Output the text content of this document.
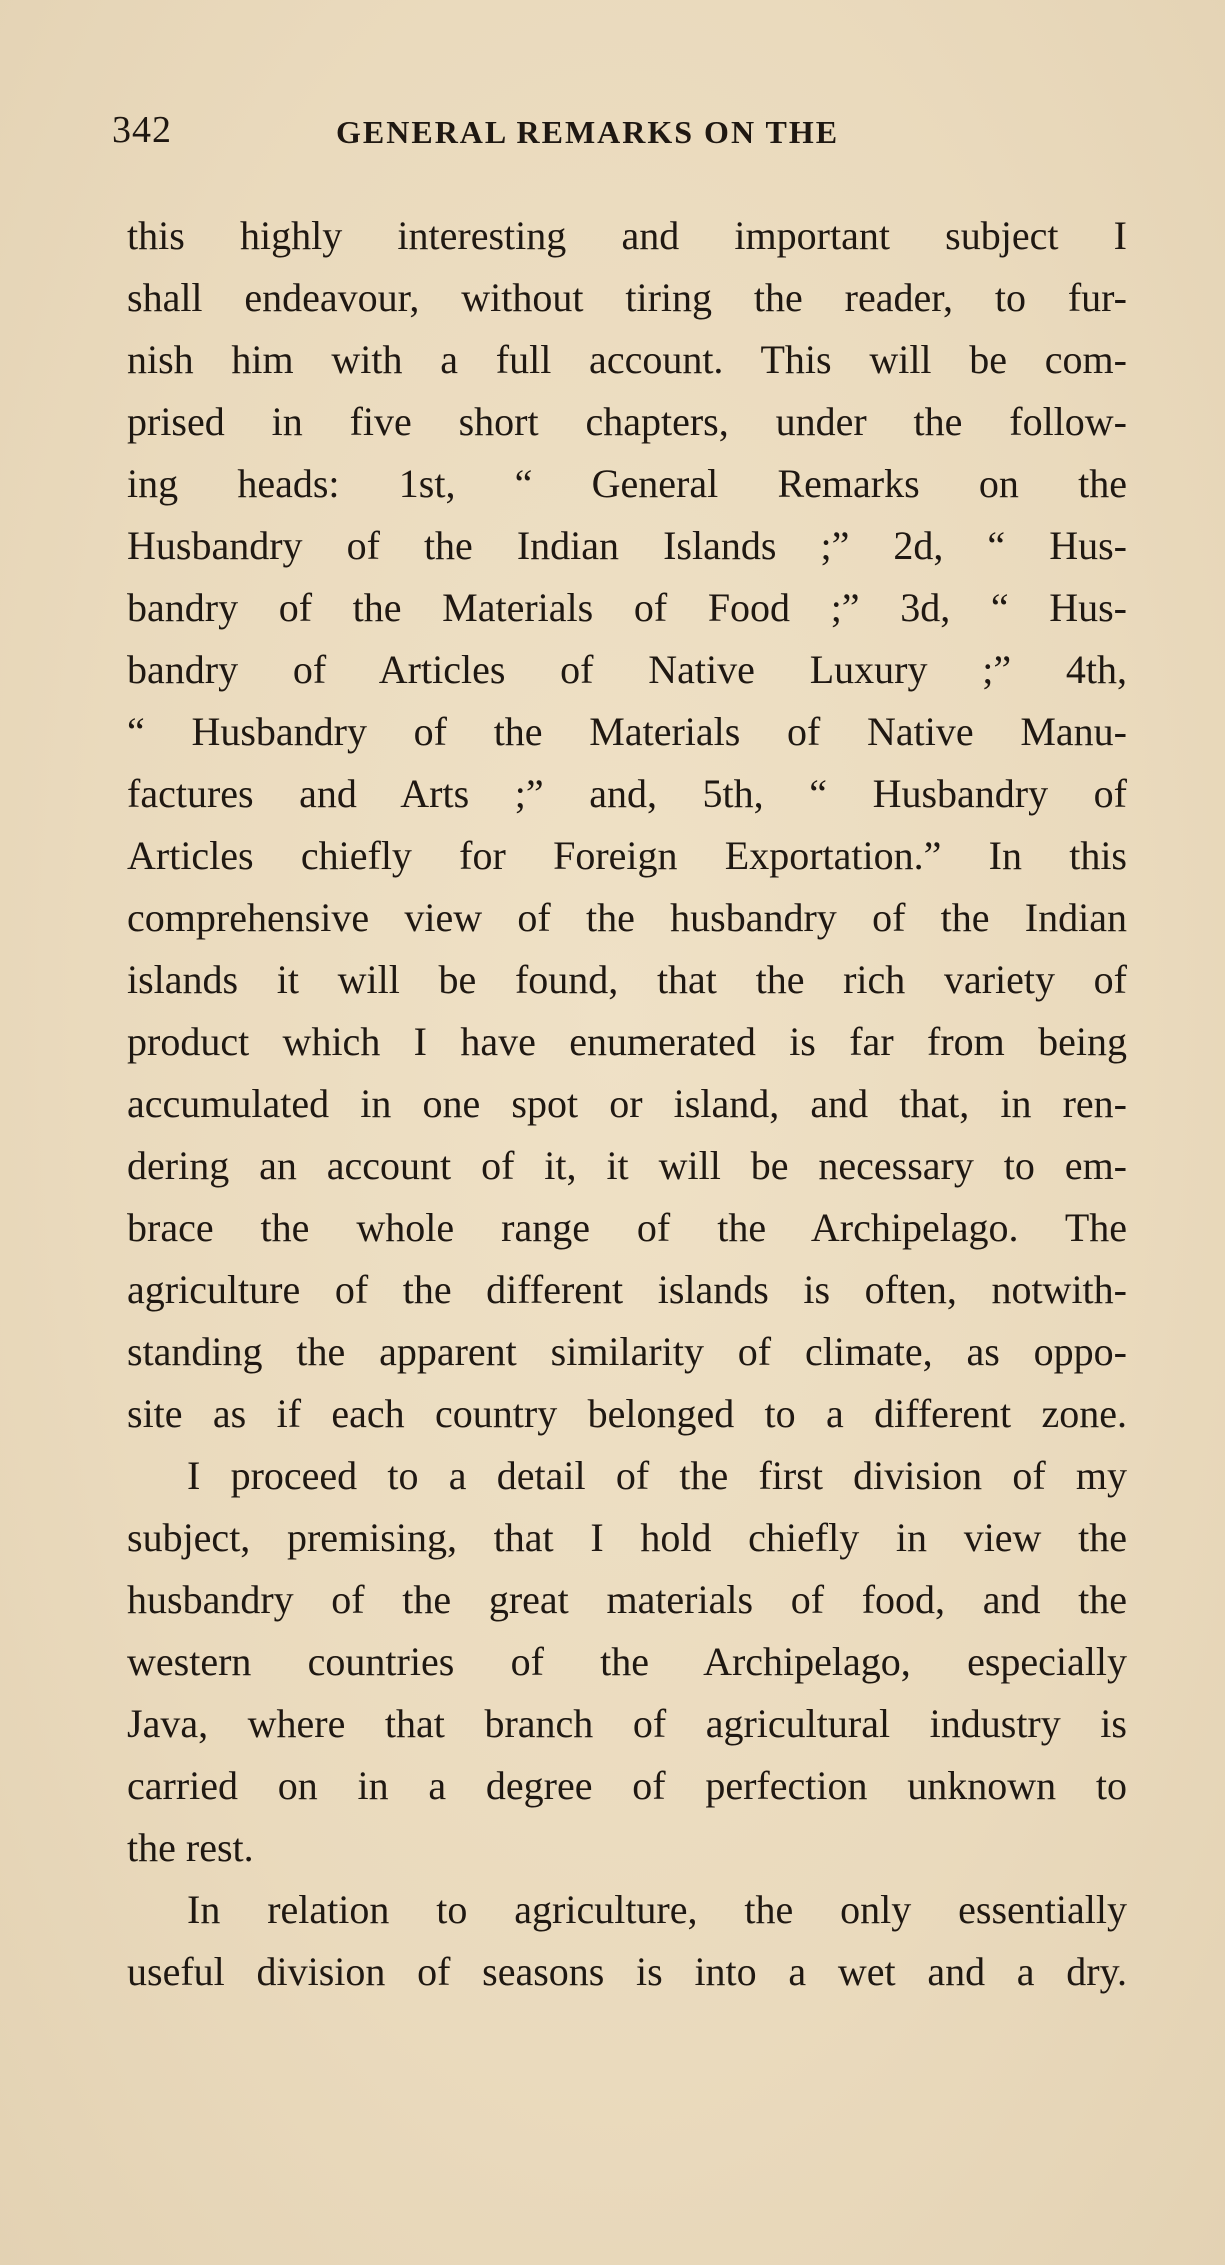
342	GENERAL REMARKS ON THE
this highly interesting and important subject I
shall endeavour, without tiring the reader, to fur-
nish him with a full account. This will be com-
prised in five short chapters, under the follow-
ing heads: 1st, “ General Remarks on the
Husbandry of the Indian Islands ;” 2d, “ Hus-
bandry of the Materials of Food ;” 3d, “ Hus-
bandry of Articles of Native Luxury ;” 4th,
“ Husbandry of the Materials of Native Manu-
factures and Arts ;” and, 5th, “ Husbandry of
Articles chiefly for Foreign Exportation.” In this
comprehensive view of the husbandry of the Indian
islands it will be found, that the rich variety of
product which I have enumerated is far from being
accumulated in one spot or island, and that, in ren-
dering an account of it, it will be necessary to em-
brace the whole range of the Archipelago. The
agriculture of the different islands is often, notwith-
standing the apparent similarity of climate, as oppo-
site as if each country belonged to a different zone.
I proceed to a detail of the first division of my
subject, premising, that I hold chiefly in view the
husbandry of the great materials of food, and the
western countries of the Archipelago, especially
Java, where that branch of agricultural industry is
carried on in a degree of perfection unknown to
the rest.
In relation to agriculture, the only essentially
useful division of seasons is into a wet and a dry.
